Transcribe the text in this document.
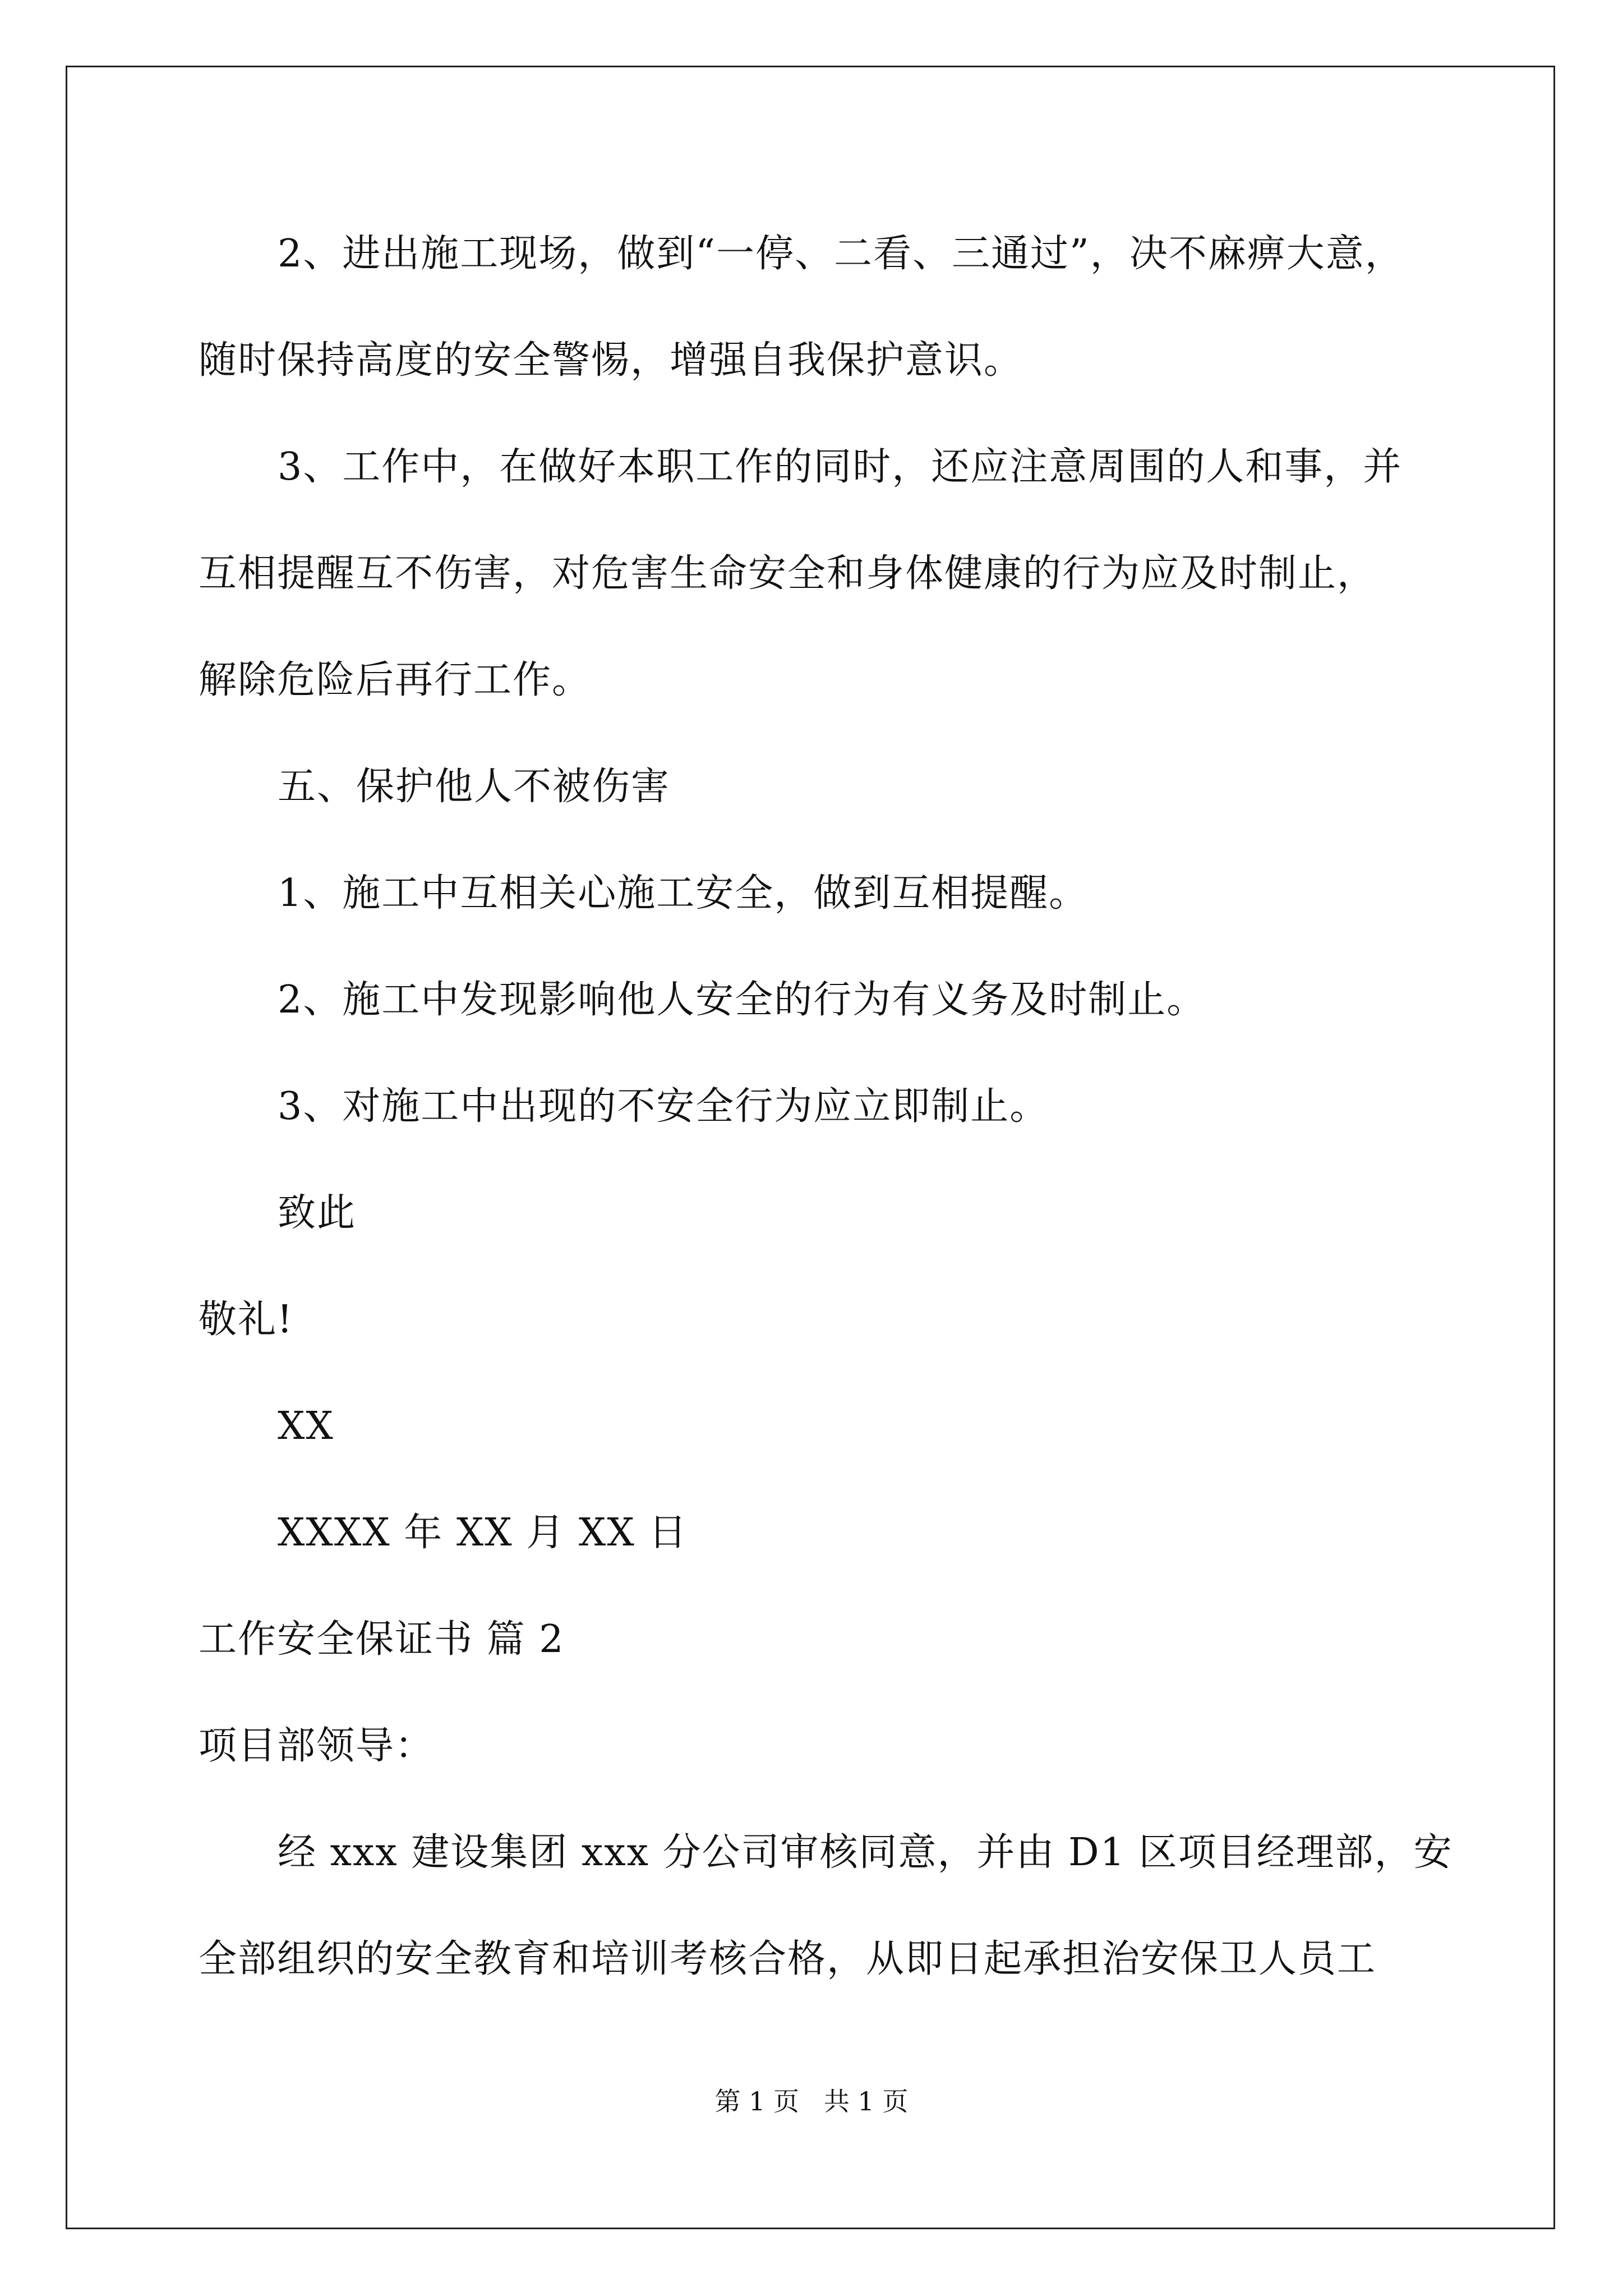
2、进出施工现场，做到“一停、二看、三通过”，决不麻痹大意，
随时保持高度的安全警惕，增强自我保护意识。
3、工作中，在做好本职工作的同时，还应注意周围的人和事，并
互相提醒互不伤害，对危害生命安全和身体健康的行为应及时制止，
解除危险后再行工作。
五、保护他人不被伤害
1、施工中互相关心施工安全，做到互相提醒。
2、施工中发现影响他人安全的行为有义务及时制止。
3、对施工中出现的不安全行为应立即制止。
致此
敬礼!
XX
XXXX 年 XX 月 XX 日
工作安全保证书 篇 2
项目部领导：
经 xxx 建设集团 xxx 分公司审核同意，并由 D1 区项目经理部，安
全部组织的安全教育和培训考核合格，从即日起承担治安保卫人员工
第 1 页   共 1 页
